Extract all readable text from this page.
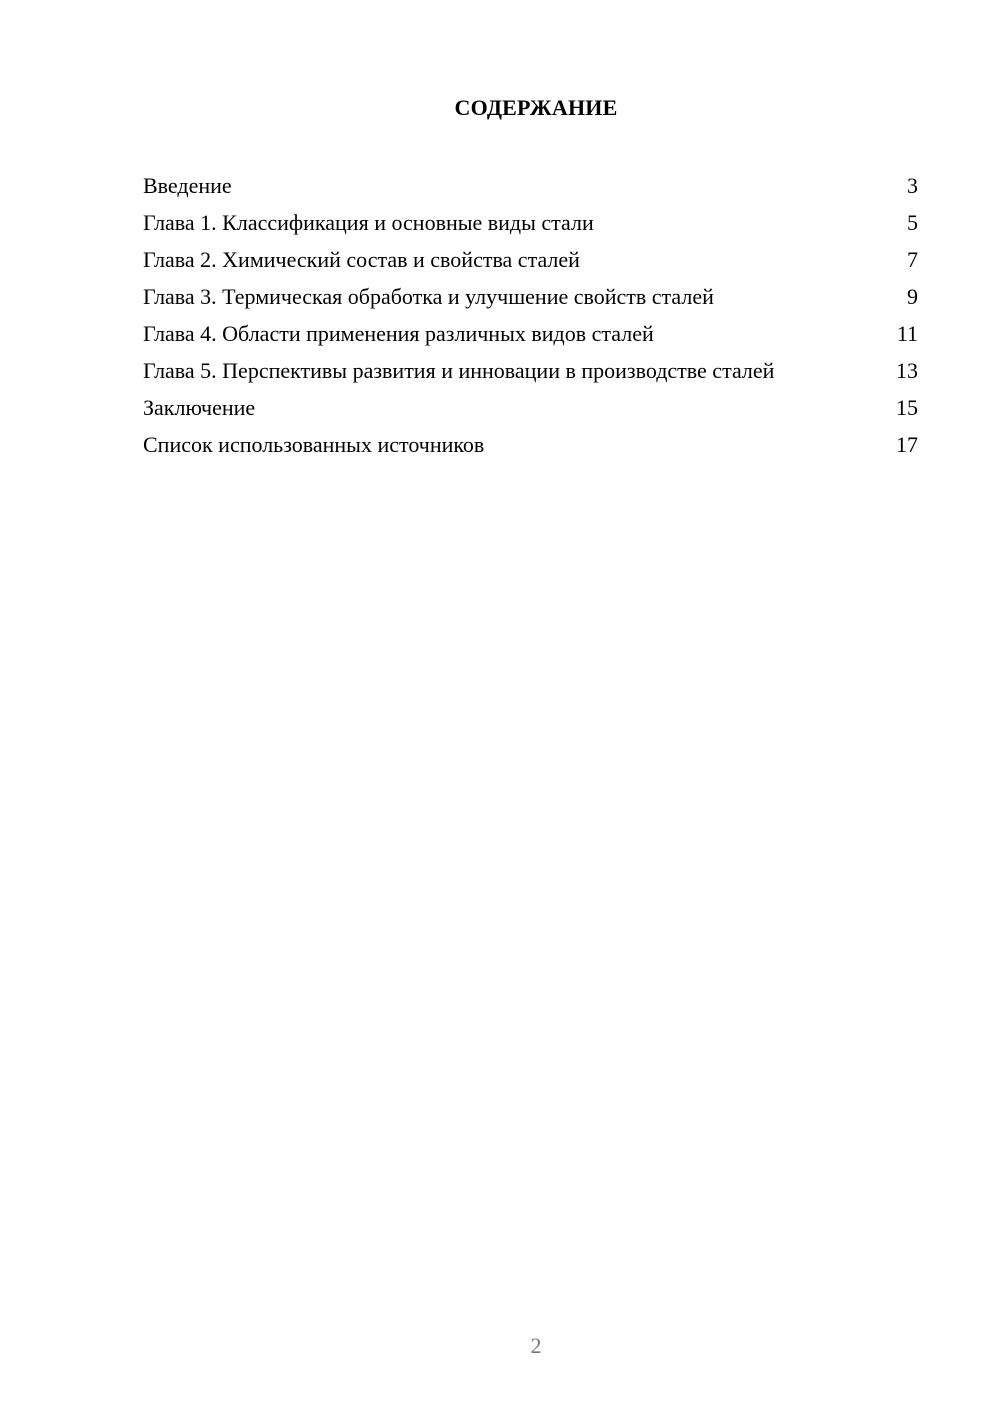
СОДЕРЖАНИЕ
Введение	3
Глава 1. Классификация и основные виды стали	5
Глава 2. Химический состав и свойства сталей	7
Глава 3. Термическая обработка и улучшение свойств сталей	9
Глава 4. Области применения различных видов сталей	11
Глава 5. Перспективы развития и инновации в производстве сталей	13
Заключение	15
Список использованных источников	17
2
